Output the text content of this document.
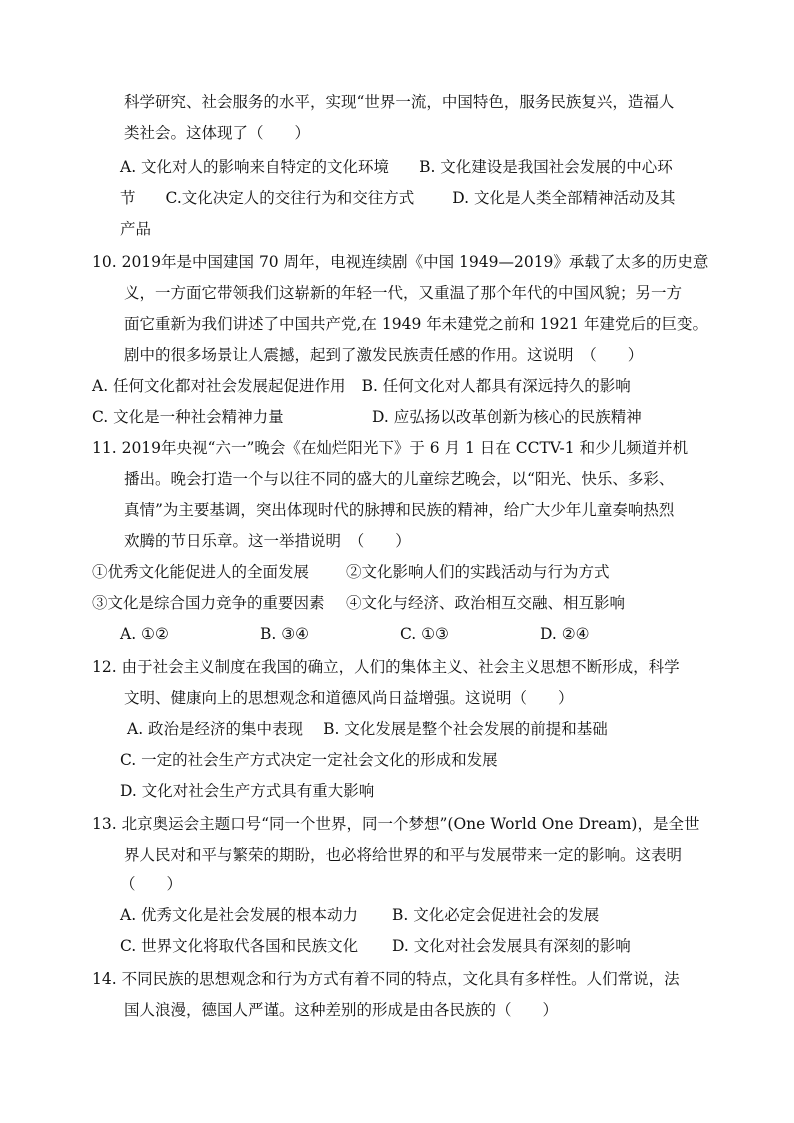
科学研究、社会服务的水平，实现“世界一流，中国特色，服务民族复兴，造福人
类社会。这体现了（　　）
A. 文化对人的影响来自特定的文化环境 B. 文化建设是我国社会发展的中心环
节 C.文化决定人的交往行为和交往方式 D. 文化是人类全部精神活动及其
产品
10. 2019年是中国建国 70 周年，电视连续剧《中国 1949—2019》承载了太多的历史意
义，一方面它带领我们这崭新的年轻一代，又重温了那个年代的中国风貌；另一方
面它重新为我们讲述了中国共产党,在 1949 年未建党之前和 1921 年建党后的巨变。
剧中的很多场景让人震撼，起到了激发民族责任感的作用。这说明　（　　）
A. 任何文化都对社会发展起促进作用 B. 任何文化对人都具有深远持久的影响
C. 文化是一种社会精神力量	D. 应弘扬以改革创新为核心的民族精神
11. 2019年央视“六一”晚会《在灿烂阳光下》于 6 月 1 日在 CCTV-1 和少儿频道并机
播出。晚会打造一个与以往不同的盛大的儿童综艺晚会，以“阳光、快乐、多彩、
真情”为主要基调，突出体现时代的脉搏和民族的精神，给广大少年儿童奏响热烈
欢腾的节日乐章。这一举措说明　（　　）
①优秀文化能促进人的全面发展 ②文化影响人们的实践活动与行为方式
③文化是综合国力竞争的重要因素 ④文化与经济、政治相互交融、相互影响
A. ①②	B. ③④	C. ①③	D. ②④
12. 由于社会主义制度在我国的确立，人们的集体主义、社会主义思想不断形成，科学
文明、健康向上的思想观念和道德风尚日益增强。这说明（　　）
A. 政治是经济的集中表现 B. 文化发展是整个社会发展的前提和基础
C. 一定的社会生产方式决定一定社会文化的形成和发展
D. 文化对社会生产方式具有重大影响
13. 北京奥运会主题口号“同一个世界，同一个梦想”(One World One Dream)，是全世
界人民对和平与繁荣的期盼，也必将给世界的和平与发展带来一定的影响。这表明
（　　）
A. 优秀文化是社会发展的根本动力 B. 文化必定会促进社会的发展
C. 世界文化将取代各国和民族文化 D. 文化对社会发展具有深刻的影响
14. 不同民族的思想观念和行为方式有着不同的特点，文化具有多样性。人们常说，法
国人浪漫，德国人严谨。这种差别的形成是由各民族的（　　）
